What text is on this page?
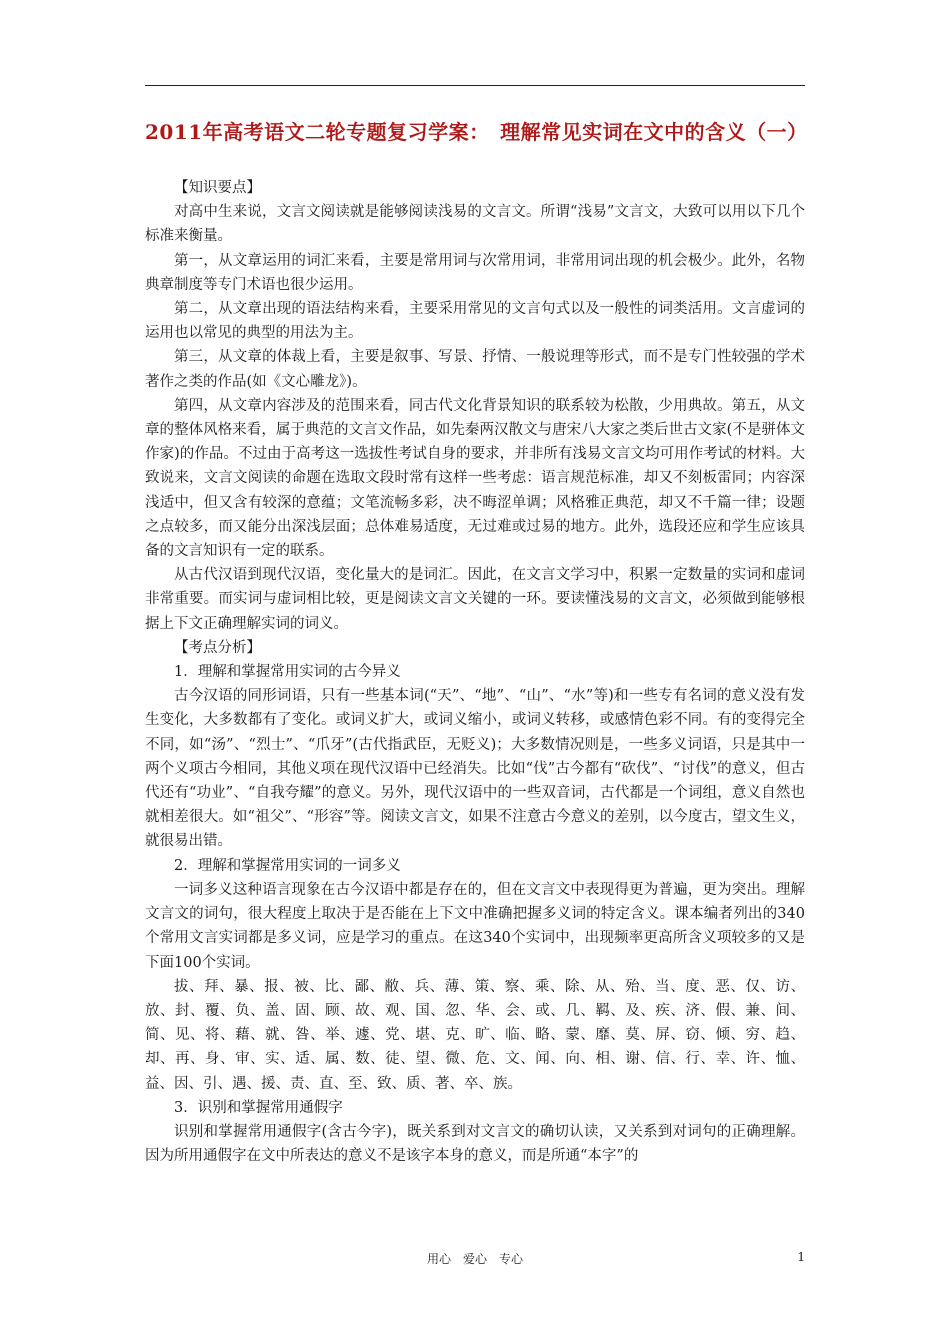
2011年高考语文二轮专题复习学案：　理解常见实词在文中的含义（一）

【知识要点】

对高中生来说，文言文阅读就是能够阅读浅易的文言文。所谓“浅易”文言文，大致可以用以下几个标准来衡量。

第一，从文章运用的词汇来看，主要是常用词与次常用词，非常用词出现的机会极少。此外，名物典章制度等专门术语也很少运用。

第二，从文章出现的语法结构来看，主要采用常见的文言句式以及一般性的词类活用。文言虚词的运用也以常见的典型的用法为主。

第三，从文章的体裁上看，主要是叙事、写景、抒情、一般说理等形式，而不是专门性较强的学术著作之类的作品(如《文心雕龙》)。

第四，从文章内容涉及的范围来看，同古代文化背景知识的联系较为松散，少用典故。第五，从文章的整体风格来看，属于典范的文言文作品，如先秦两汉散文与唐宋八大家之类后世古文家(不是骈体文作家)的作品。不过由于高考这一选拔性考试自身的要求，并非所有浅易文言文均可用作考试的材料。大致说来，文言文阅读的命题在选取文段时常有这样一些考虑：语言规范标准，却又不刻板雷同；内容深浅适中，但又含有较深的意蕴；文笔流畅多彩，决不晦涩单调；风格雅正典范，却又不千篇一律；设题之点较多，而又能分出深浅层面；总体难易适度，无过难或过易的地方。此外，选段还应和学生应该具备的文言知识有一定的联系。

从古代汉语到现代汉语，变化量大的是词汇。因此，在文言文学习中，积累一定数量的实词和虚词非常重要。而实词与虚词相比较，更是阅读文言文关键的一环。要读懂浅易的文言文，必须做到能够根据上下文正确理解实词的词义。

【考点分析】

1．理解和掌握常用实词的古今异义

古今汉语的同形词语，只有一些基本词(“天”、“地”、“山”、“水”等)和一些专有名词的意义没有发生变化，大多数都有了变化。或词义扩大，或词义缩小，或词义转移，或感情色彩不同。有的变得完全不同，如“汤”、“烈士”、“爪牙”(古代指武臣，无贬义)；大多数情况则是，一些多义词语，只是其中一两个义项古今相同，其他义项在现代汉语中已经消失。比如“伐”古今都有“砍伐”、“讨伐”的意义，但古代还有“功业”、“自我夸耀”的意义。另外，现代汉语中的一些双音词，古代都是一个词组，意义自然也就相差很大。如“祖父”、“形容”等。阅读文言文，如果不注意古今意义的差别，以今度古，望文生义，就很易出错。

2．理解和掌握常用实词的一词多义

一词多义这种语言现象在古今汉语中都是存在的，但在文言文中表现得更为普遍，更为突出。理解文言文的词句，很大程度上取决于是否能在上下文中准确把握多义词的特定含义。课本编者列出的340个常用文言实词都是多义词，应是学习的重点。在这340个实词中，出现频率更高所含义项较多的又是下面100个实词。

拔、拜、暴、报、被、比、鄙、敝、兵、薄、策、察、乘、除、从、殆、当、度、恶、仅、访、放、封、覆、负、盖、固、顾、故、观、国、忽、华、会、或、几、羁、及、疾、济、假、兼、间、简、见、将、藉、就、咎、举、遽、党、堪、克、旷、临、略、蒙、靡、莫、屏、窃、倾、穷、趋、却、再、身、审、实、适、属、数、徒、望、微、危、文、闻、向、相、谢、信、行、幸、许、恤、益、因、引、遇、援、责、直、至、致、质、著、卒、族。

3．识别和掌握常用通假字

识别和掌握常用通假字(含古今字)，既关系到对文言文的确切认读，又关系到对词句的正确理解。因为所用通假字在文中所表达的意义不是该字本身的意义，而是所通“本字”的

用心　爱心　专心	1
